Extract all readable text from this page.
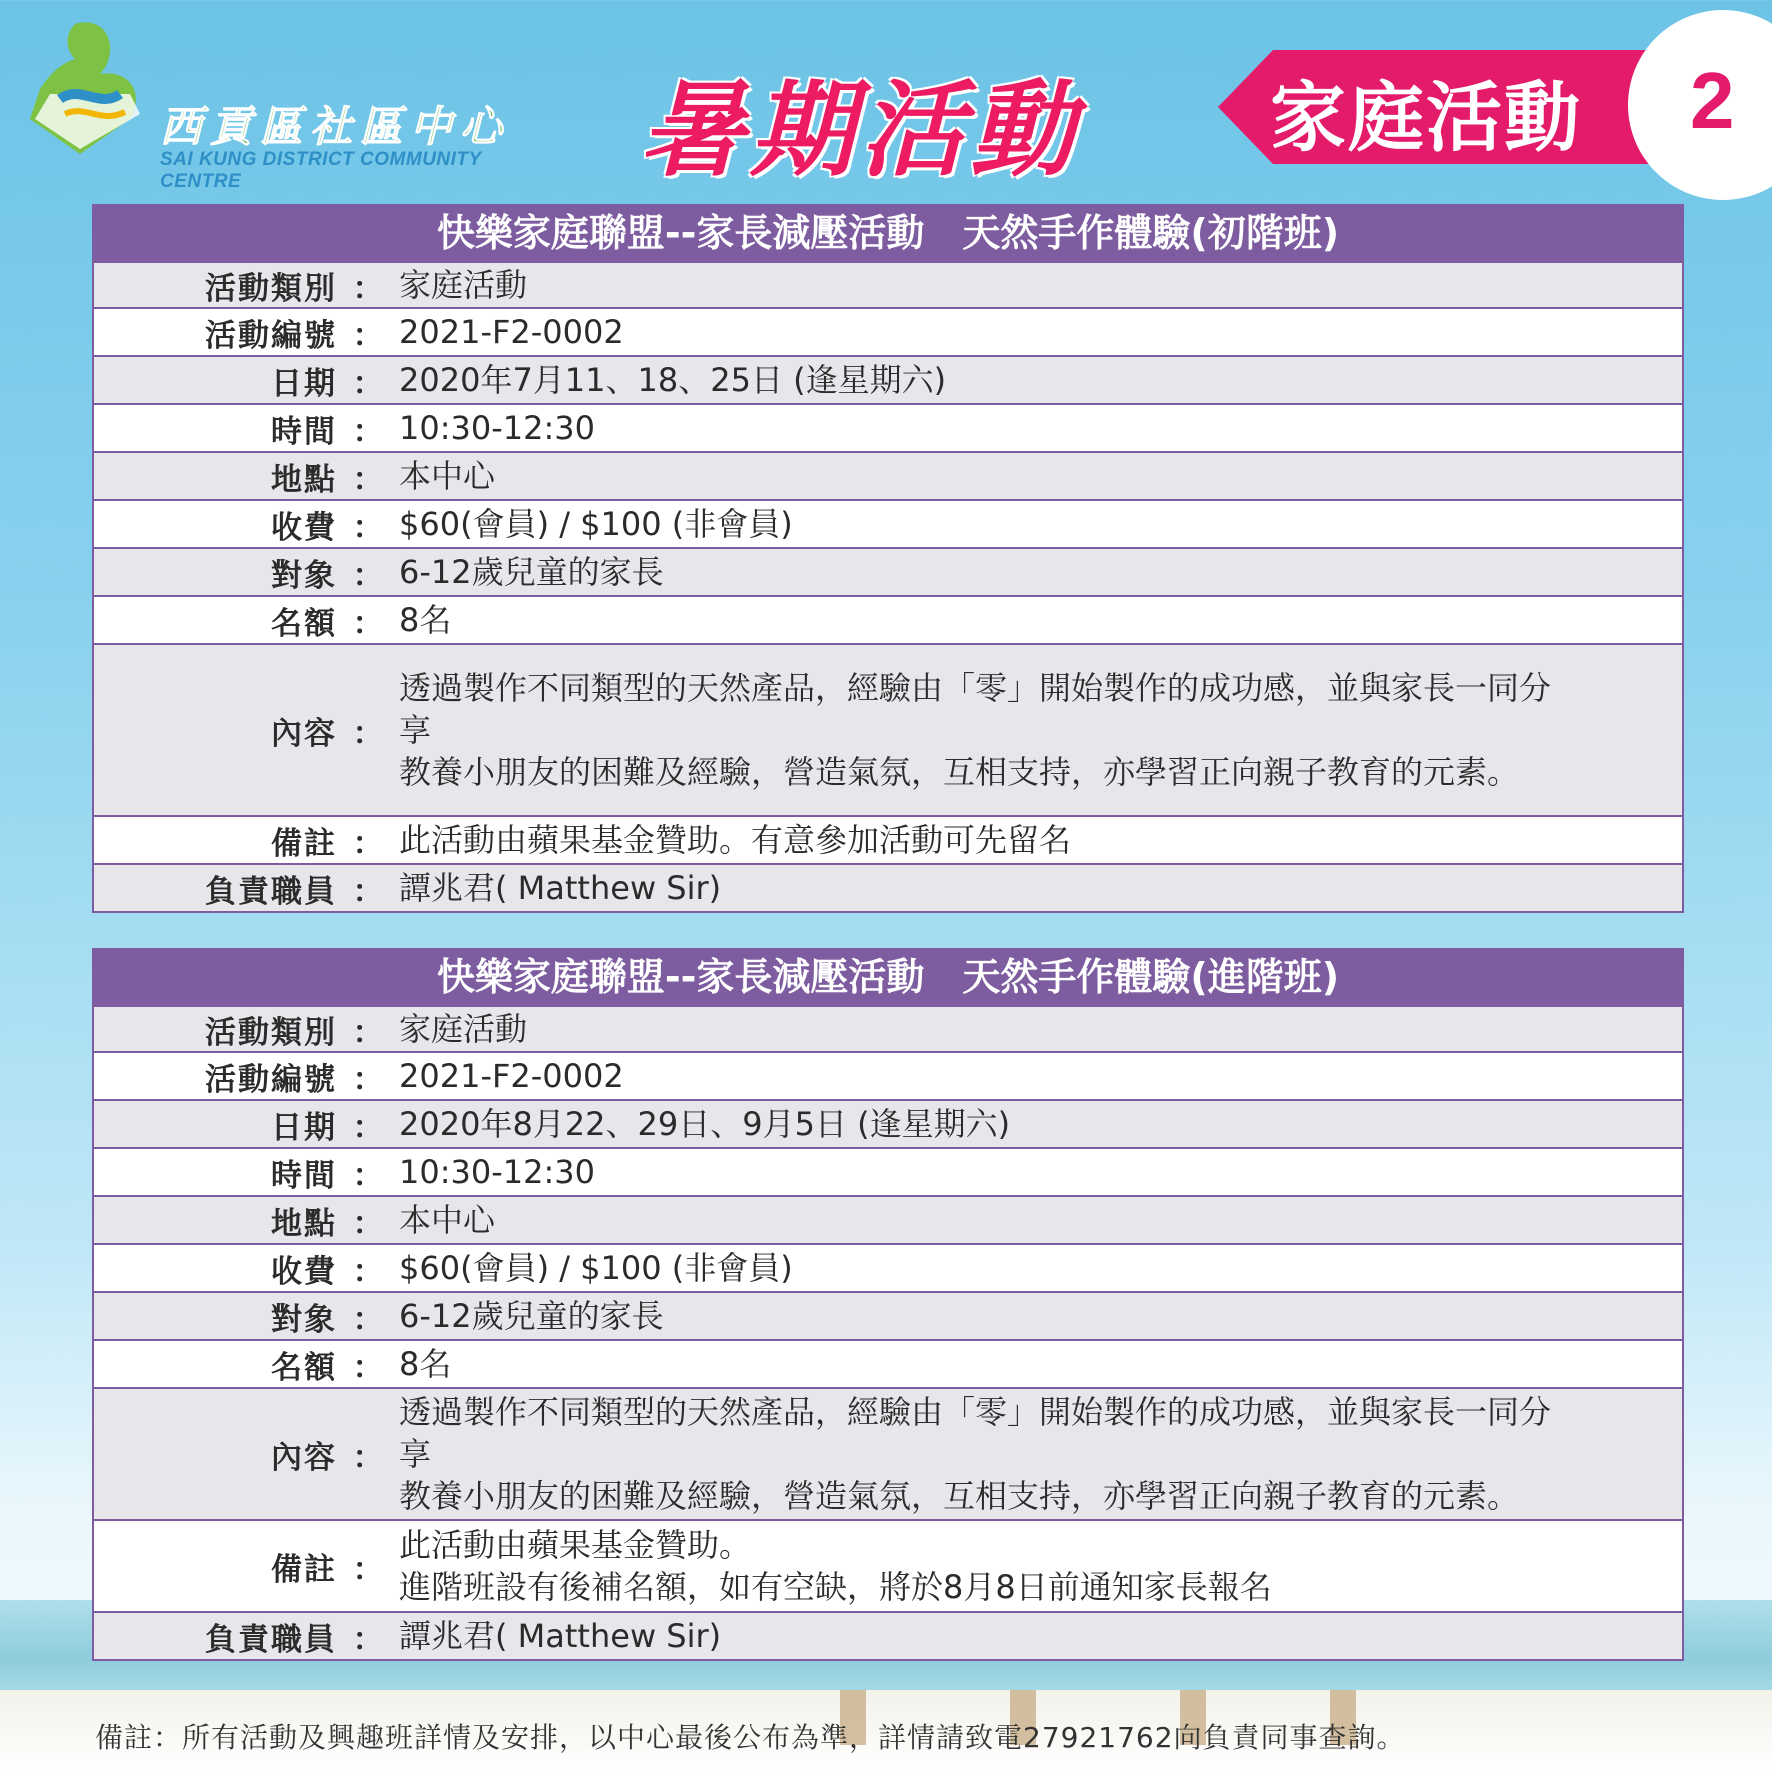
西貢區社區中心
SAI KUNG DISTRICT COMMUNITY CENTRE	暑期活動 家庭活動 2
快樂家庭聯盟--家長減壓活動　天然手作體驗(初階班)
活動類別 ： 家庭活動
活動編號 ： 2021-F2-0002
日期 ： 2020年7月11、18、25日 (逢星期六)
時間 ： 10:30-12:30
地點 ： 本中心
收費 ： $60(會員) / $100 (非會員)
對象 ： 6-12歲兒童的家長
名額 ： 8名
內容 ：
透過製作不同類型的天然產品，經驗由「零」開始製作的成功感，並與家長一同分
享
教養小朋友的困難及經驗，營造氣氛，互相支持，亦學習正向親子教育的元素。
備註 ： 此活動由蘋果基金贊助。有意參加活動可先留名
負責職員 ： 譚兆君( Matthew Sir)
快樂家庭聯盟--家長減壓活動　天然手作體驗(進階班)
活動類別 ： 家庭活動
活動編號 ： 2021-F2-0002
日期 ： 2020年8月22、29日、9月5日 (逢星期六)
時間 ： 10:30-12:30
地點 ： 本中心
收費 ： $60(會員) / $100 (非會員)
對象 ： 6-12歲兒童的家長
名額 ： 8名
內容 ：
透過製作不同類型的天然產品，經驗由「零」開始製作的成功感，並與家長一同分
享
教養小朋友的困難及經驗，營造氣氛，互相支持，亦學習正向親子教育的元素。
備註 ：
此活動由蘋果基金贊助。
進階班設有後補名額，如有空缺，將於8月8日前通知家長報名
負責職員 ： 譚兆君( Matthew Sir)
備註：所有活動及興趣班詳情及安排，以中心最後公布為準，詳情請致電27921762向負責同事查詢。
